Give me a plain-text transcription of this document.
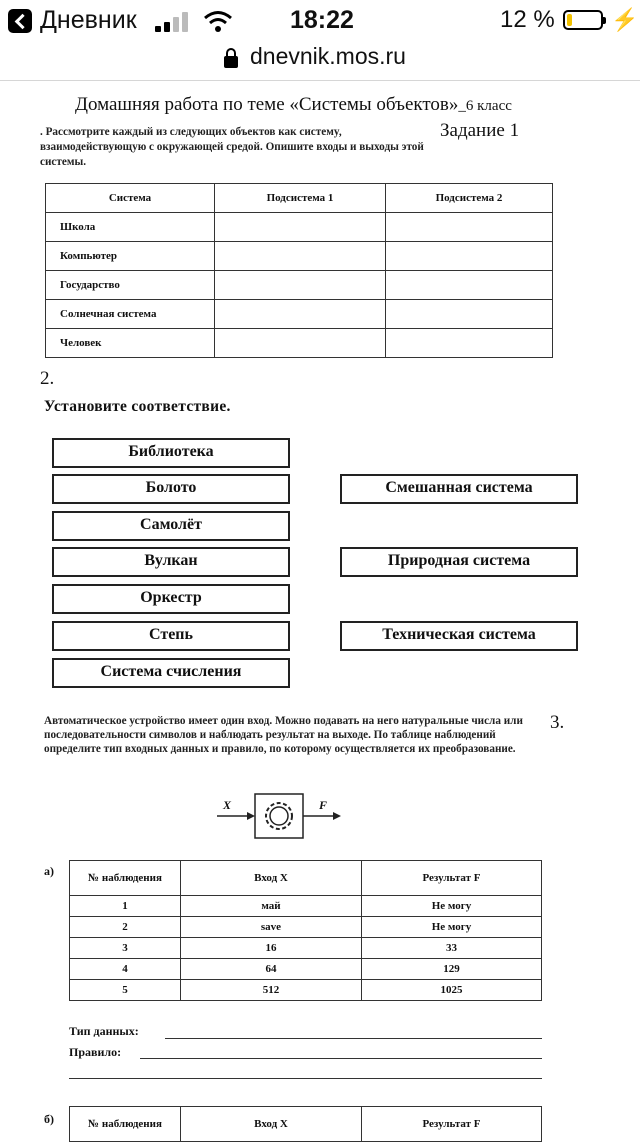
Дневник	18:22	12 %	⚡
dnevnik.mos.ru
Домашняя работа по теме «Системы объектов»_6 класс
. Рассмотрите каждый из следующих объектов как системy, взаимодействующую с окружающей средой. Опишите входы и выходы этой системы.
Задание 1
Система	Подсистема 1	Подсистема 2
Школа		
Компьютер		
Государство		
Солнечная система		
Человек		
2.
Установите соответствие.
Библиотека
Болото
Самолёт
Вулкан
Оркестр
Степь
Система счисления
Смешанная система
Природная система
Техническая система
Автоматическое устройство имеет один вход. Можно подавать на него натуральные числа или последовательности символов и наблюдать результат на выходе. По таблице наблюдений определите тип входных данных и правило, по которому осуществляется их преобразование.
3.
X	F
а)	№ наблюдения	Вход X	Результат F
1	май	Не могу
2	save	Не могу
3	16	33
4	64	129
5	512	1025
Тип данных:
Правило:
б)	№ наблюдения	Вход X	Результат F
